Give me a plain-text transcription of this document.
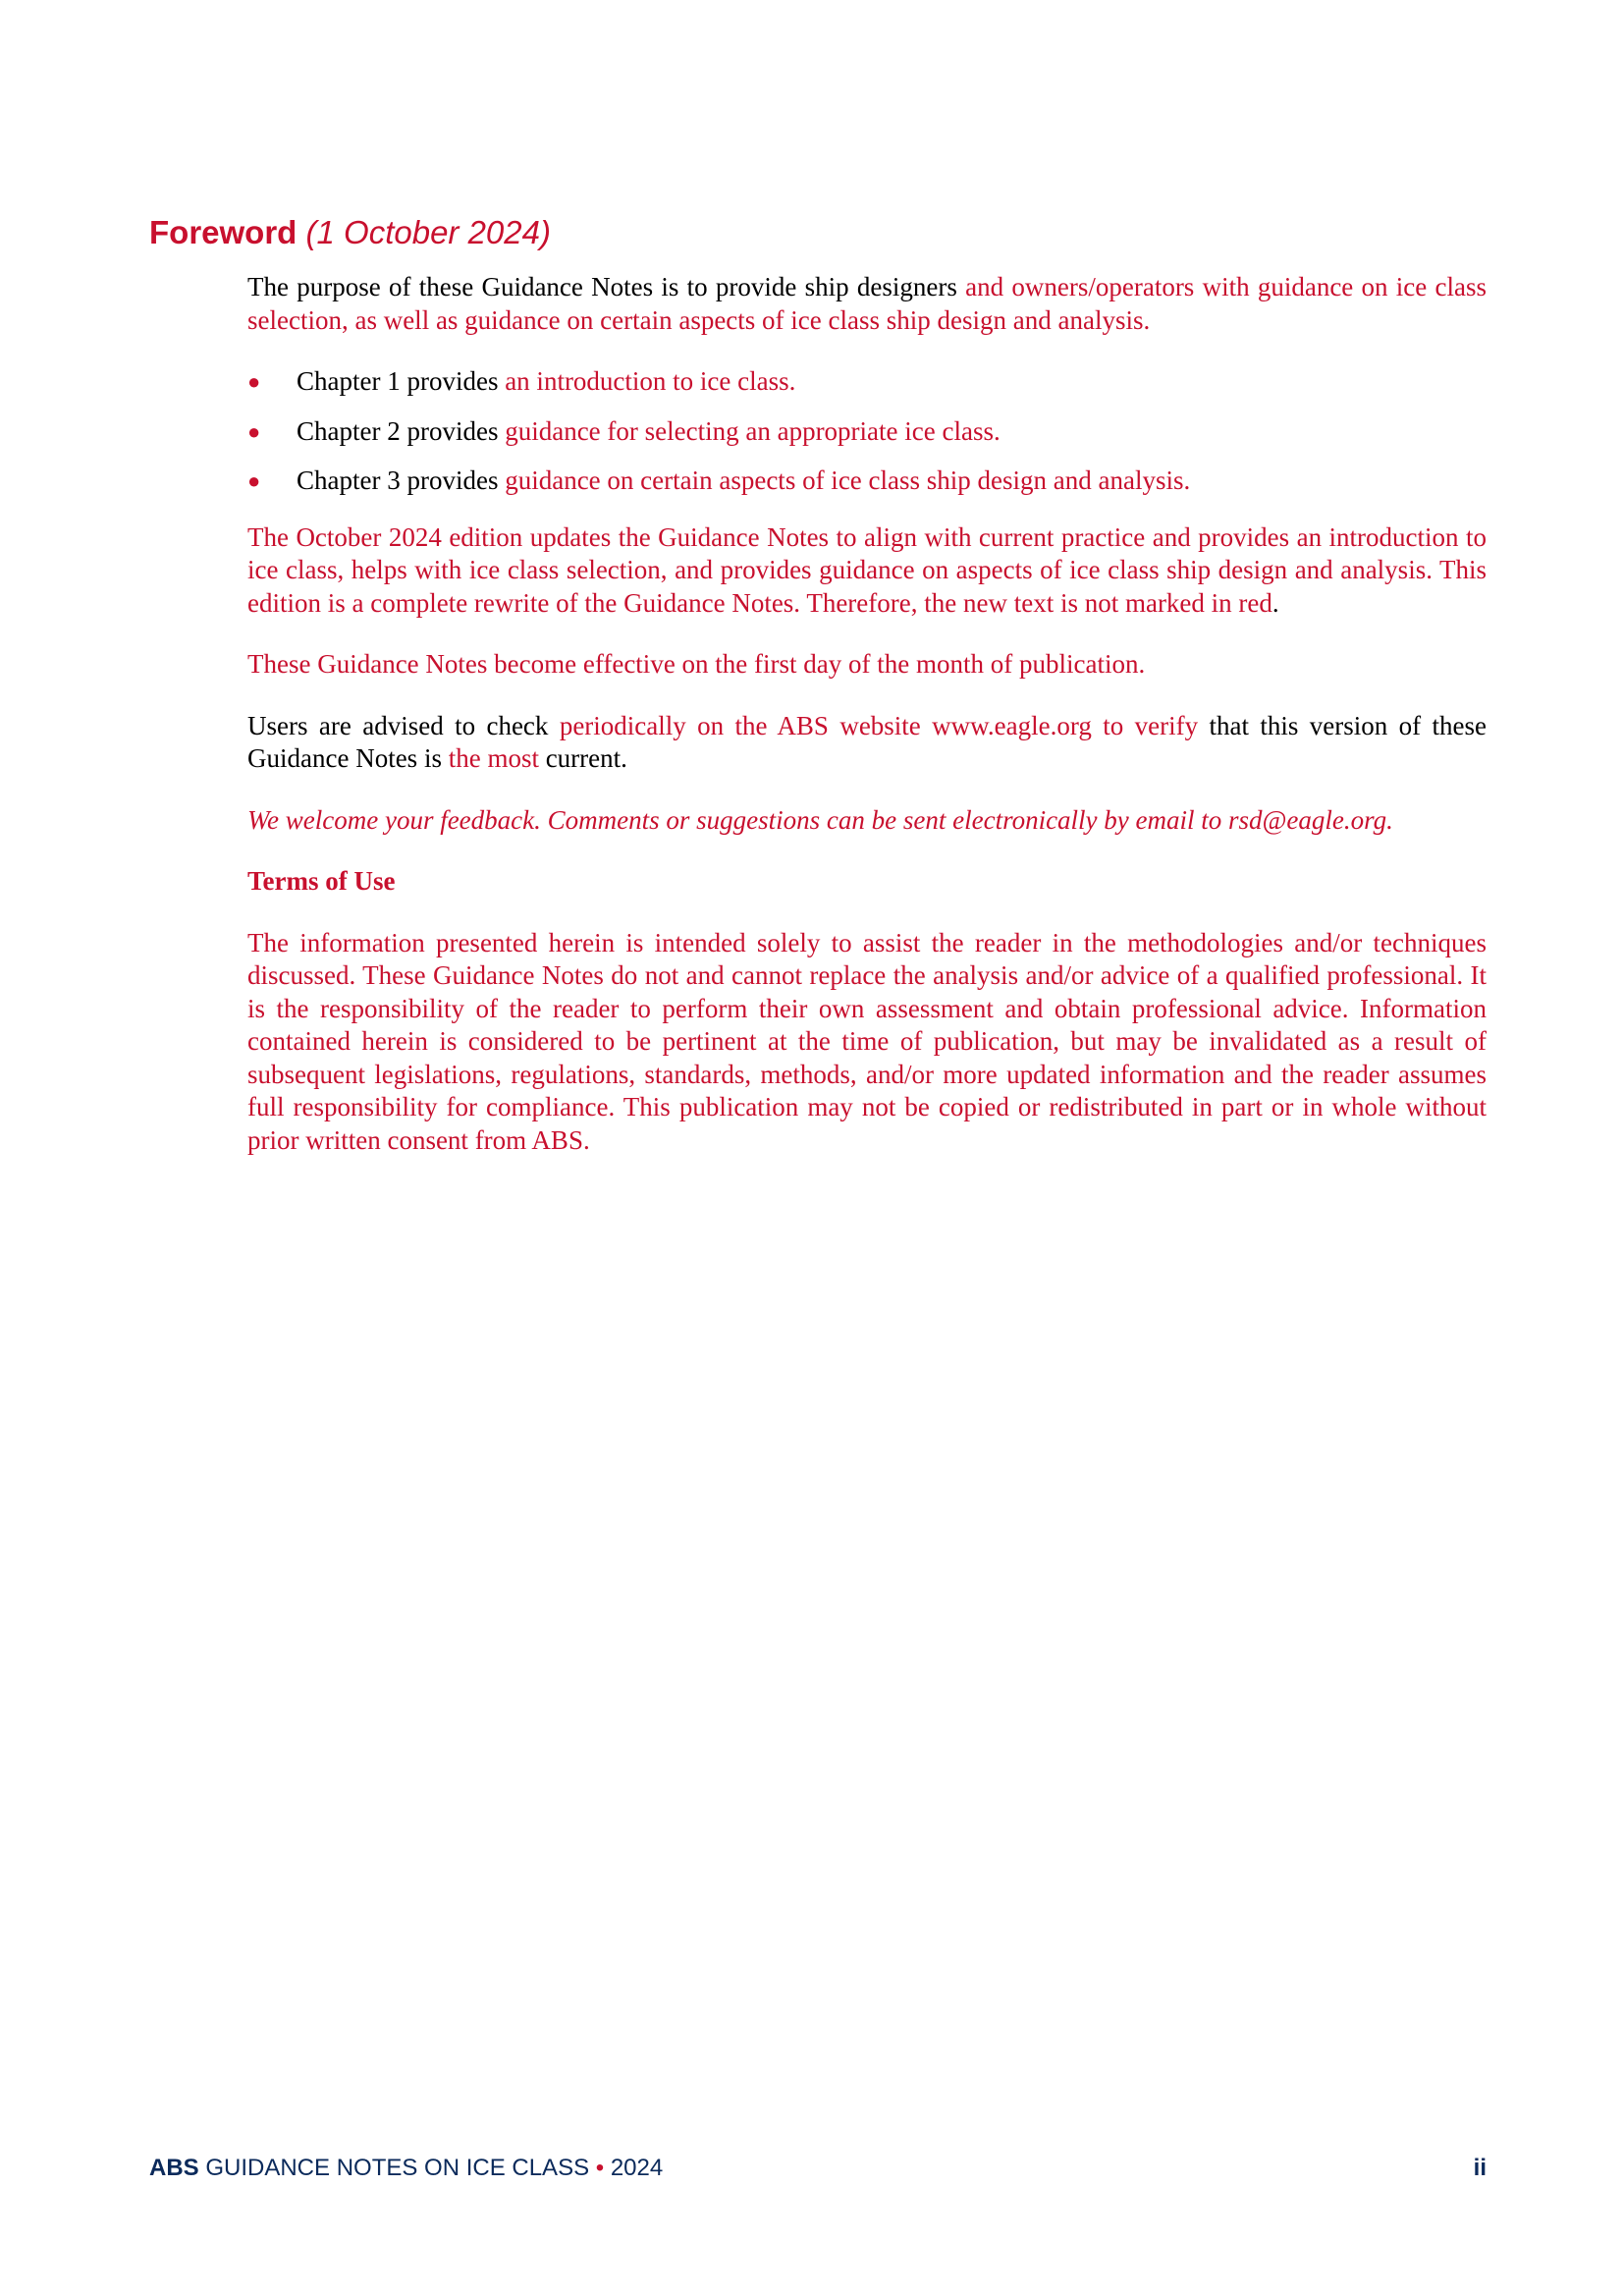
Foreword (1 October 2024)

The purpose of these Guidance Notes is to provide ship designers and owners/operators with guidance on ice class selection, as well as guidance on certain aspects of ice class ship design and analysis.

● Chapter 1 provides an introduction to ice class.
● Chapter 2 provides guidance for selecting an appropriate ice class.
● Chapter 3 provides guidance on certain aspects of ice class ship design and analysis.

The October 2024 edition updates the Guidance Notes to align with current practice and provides an introduction to ice class, helps with ice class selection, and provides guidance on aspects of ice class ship design and analysis. This edition is a complete rewrite of the Guidance Notes. Therefore, the new text is not marked in red.

These Guidance Notes become effective on the first day of the month of publication.

Users are advised to check periodically on the ABS website www.eagle.org to verify that this version of these Guidance Notes is the most current.

We welcome your feedback. Comments or suggestions can be sent electronically by email to rsd@eagle.org.

Terms of Use

The information presented herein is intended solely to assist the reader in the methodologies and/or techniques discussed. These Guidance Notes do not and cannot replace the analysis and/or advice of a qualified professional. It is the responsibility of the reader to perform their own assessment and obtain professional advice. Information contained herein is considered to be pertinent at the time of publication, but may be invalidated as a result of subsequent legislations, regulations, standards, methods, and/or more updated information and the reader assumes full responsibility for compliance. This publication may not be copied or redistributed in part or in whole without prior written consent from ABS.

ABS GUIDANCE NOTES ON ICE CLASS • 2024	ii
